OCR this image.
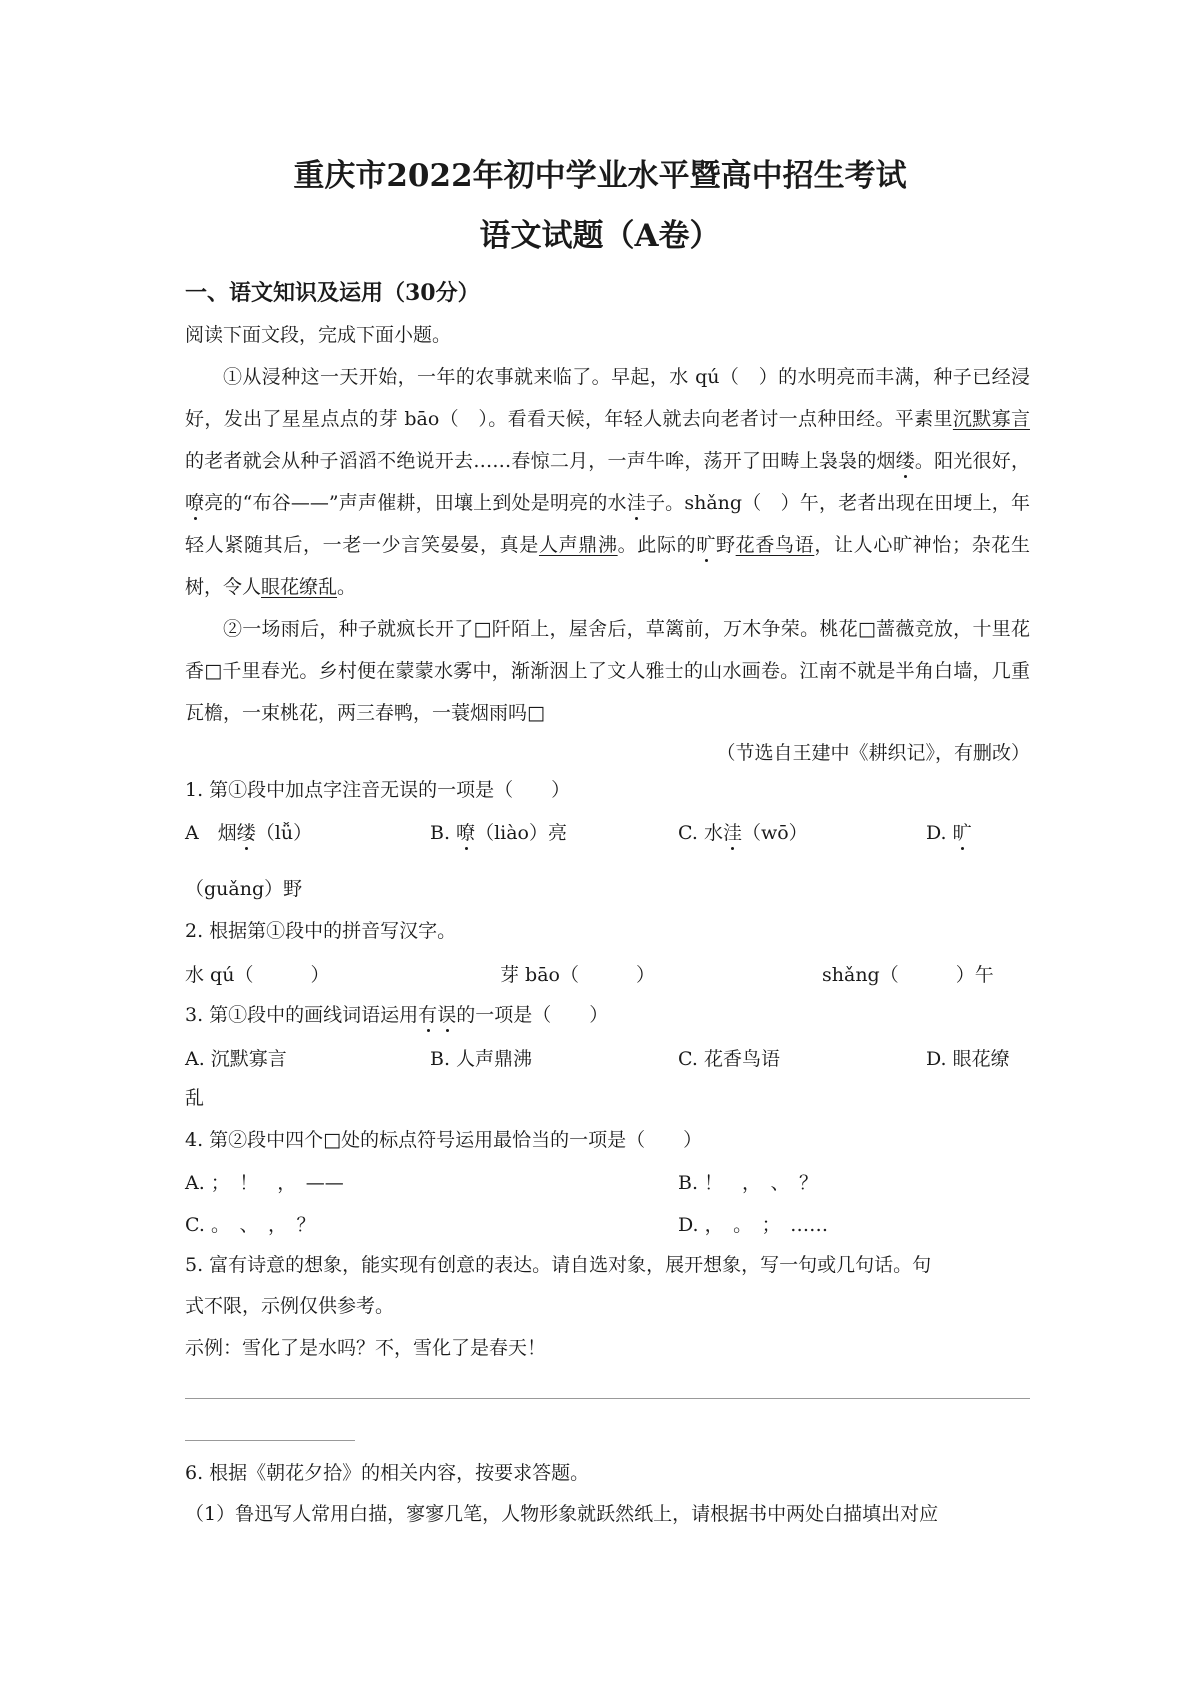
重庆市2022年初中学业水平暨高中招生考试
语文试题（A卷）
一、语文知识及运用（30分）
阅读下面文段，完成下面小题。
①从浸种这一天开始，一年的农事就来临了。早起，水 qú（　）的水明亮而丰满，种子已经浸好，发出了星星点点的芽 bāo（　）。看看天候，年轻人就去向老者讨一点种田经。平素里沉默寡言的老者就会从种子滔滔不绝说开去……春惊二月，一声牛哞，荡开了田畴上袅袅的烟缕。阳光很好，嘹亮的“布谷——”声声催耕，田壤上到处是明亮的水洼子。shǎng（　）午，老者出现在田埂上，年轻人紧随其后，一老一少言笑晏晏，真是人声鼎沸。此际的旷野花香鸟语，让人心旷神怡；杂花生树，令人眼花缭乱。
②一场雨后，种子就疯长开了□阡陌上，屋舍后，草篱前，万木争荣。桃花□蔷薇竞放，十里花香□千里春光。乡村便在蒙蒙水雾中，渐渐洇上了文人雅士的山水画卷。江南不就是半角白墙，几重瓦檐，一束桃花，两三春鸭，一蓑烟雨吗□
（节选自王建中《耕织记》，有删改）
1. 第①段中加点字注音无误的一项是（　　）
A　烟缕（lǚ）	B. 嘹（liào）亮	C. 水洼（wō）	D. 旷
（guǎng）野
2. 根据第①段中的拼音写汉字。
水 qú（　　　）	芽 bāo（　　　）	shǎng（　　　）午
3. 第①段中的画线词语运用有误的一项是（　　）
A. 沉默寡言	B. 人声鼎沸	C. 花香鸟语	D. 眼花缭
乱
4. 第②段中四个□处的标点符号运用最恰当的一项是（　　）
A. ；　！　，　——	B. ！　，　、　？
C. 。　、　，　？	D. ，　。　；　……
5. 富有诗意的想象，能实现有创意的表达。请自选对象，展开想象，写一句或几句话。句
式不限，示例仅供参考。
示例：雪化了是水吗？不，雪化了是春天！
6. 根据《朝花夕拾》的相关内容，按要求答题。
（1）鲁迅写人常用白描，寥寥几笔，人物形象就跃然纸上，请根据书中两处白描填出对应
